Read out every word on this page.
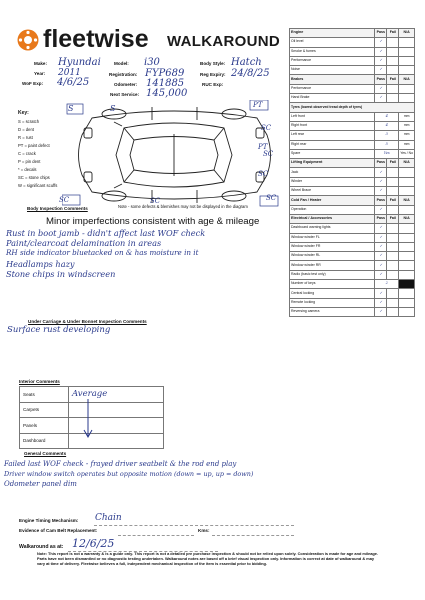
fleetwise WALKAROUND
Make: Hyundai
Year: 2011
WoF Exp: 4/6/25
Model: i30
Registration: FYP689
Odometer: 141885
Next Service: 145,000
Body Style: Hatch
Reg Expiry: 24/8/25
RUC Exp:
Key:
S = scratch
D = dent
R = rust
PT = paint defect
C = crack
P = pin dent
* = decals
SC = stone chips
W = significant scuffs
S	S	PT
SC
PT
SC
SC
SC	SC
SC
Body Inspection Comments	Note - some defects & blemishes may not be displayed in the diagram
Minor imperfections consistent with age & mileage
Rust in boot jamb - didn't affect last WOF check
Paint/clearcoat delamination in areas
RH side indicator bluetacked on & has moisture in it
Headlamps hazy
Stone chips in windscreen
Under Carriage & Under Bonnet Inspection Comments
Surface rust developing
Engine	Pass	Fail	N/A
Oil level	✓		
Smoke & fumes	✓		
Performance	✓		
Noise	✓		
Brakes	Pass	Fail	N/A
Performance	✓		
Hand Brake	✓		
Tyres (lowest observed tread depth of tyres)			
Left front	4		mm
Right front	4		mm
Left rear	3		mm
Right rear	5		mm
Spare	Yes		Yes / No
Lifting Equipment	Pass	Fail	N/A
Jack	✓		
Winder	✓		
Wheel Brace	✓		
Cold Fan / Heater	Pass	Fail	N/A
Operation	✓		
Electrical / Accessories	Pass	Fail	N/A
Dashboard warning lights	✓		
Window winder FL	✓		
Window winder FR	✓		
Window winder RL	✓		
Window winder RR	✓		
Radio (basic test only)	✓		
Number of keys	2		
Central locking	✓		
Remote locking	✓		
Reversing camera	✓		
Interior Comments
Seats	Average
Carpets	
Panels	
Dashboard	
General Comments
Failed last WOF check - frayed driver seatbelt & the rod end play
Driver window switch operates but opposite motion (down = up, up = down)
Odometer panel dim
Engine Timing Mechanism: Chain
Evidence of Cam Belt Replacement:	Kms:
Walkaround as at: 12/6/25
Note: This report is not a warranty & is a guide only. This report is not a detailed pre purchase inspection & should not be relied upon solely. Consideration is made for age and mileage. Parts have not been dismantled or no diagnostic testing undertaken. Walkaround notes are based off a brief visual inspection only. Information is correct at date of walkaround & may vary at time of delivery. Fleetwise believes a full, independent mechanical inspection of the item is essential prior to bidding.
